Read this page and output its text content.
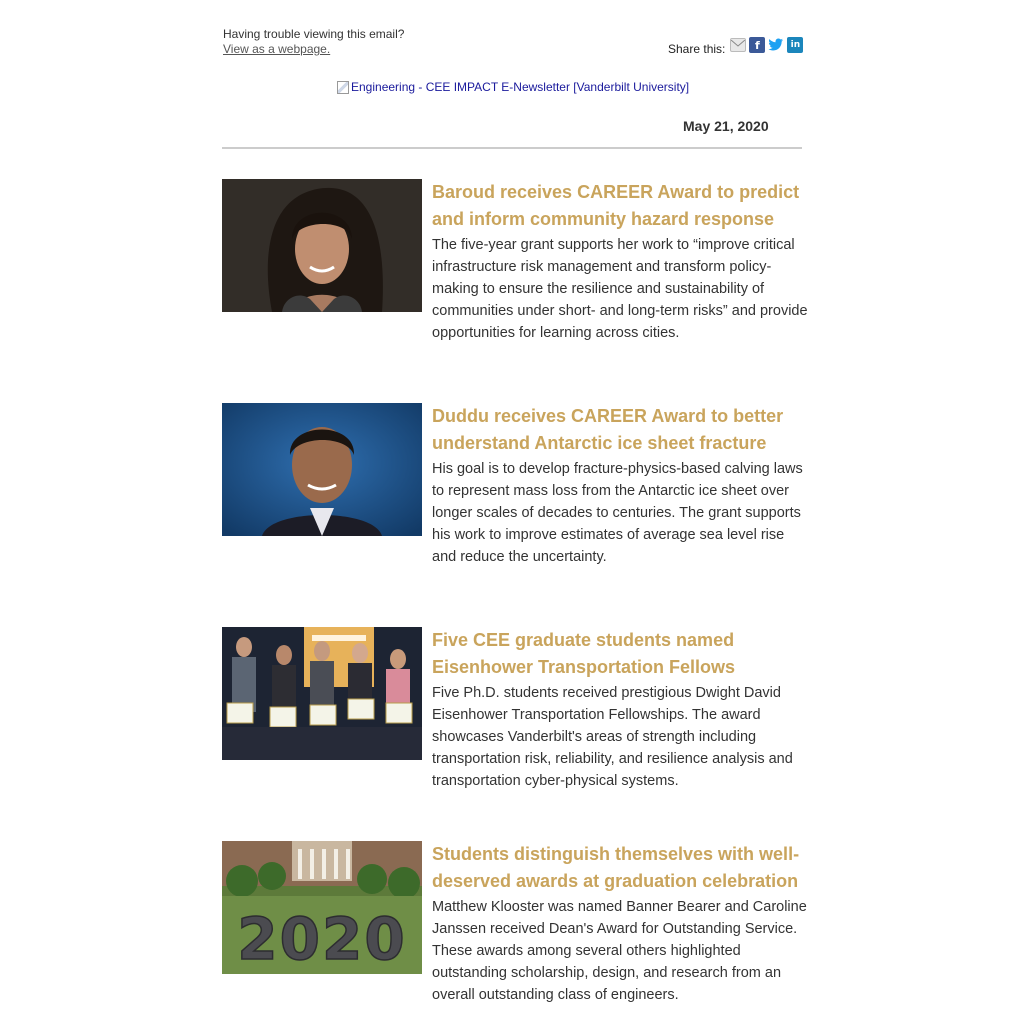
Having trouble viewing this email?
View as a webpage.	Share this:	f	in
Engineering - CEE IMPACT E-Newsletter [Vanderbilt University]
May 21, 2020
Baroud receives CAREER Award to predict and inform community hazard response
The five-year grant supports her work to “improve critical infrastructure risk management and transform policy-making to ensure the resilience and sustainability of communities under short- and long-term risks” and provide opportunities for learning across cities.
Duddu receives CAREER Award to better understand Antarctic ice sheet fracture
His goal is to develop fracture-physics-based calving laws to represent mass loss from the Antarctic ice sheet over longer scales of decades to centuries. The grant supports his work to improve estimates of average sea level rise and reduce the uncertainty.
Five CEE graduate students named Eisenhower Transportation Fellows
Five Ph.D. students received prestigious Dwight David Eisenhower Transportation Fellowships. The award showcases Vanderbilt's areas of strength including transportation risk, reliability, and resilience analysis and transportation cyber-physical systems.
2020
Students distinguish themselves with well-deserved awards at graduation celebration
Matthew Klooster was named Banner Bearer and Caroline Janssen received Dean's Award for Outstanding Service. These awards among several others highlighted outstanding scholarship, design, and research from an overall outstanding class of engineers.
